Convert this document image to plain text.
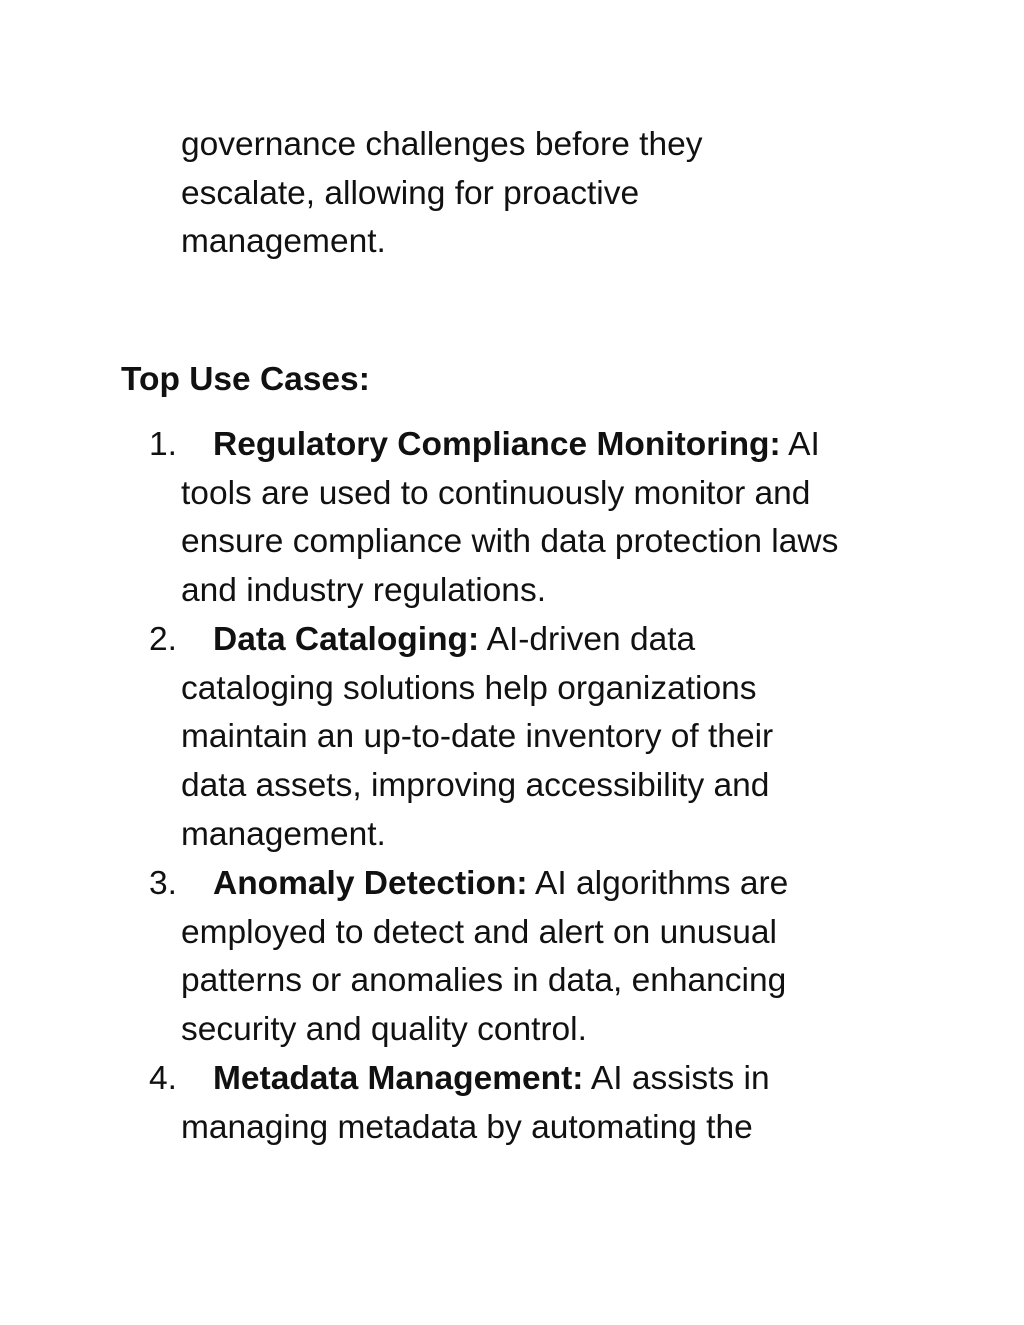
governance challenges before they
escalate, allowing for proactive
management.
Top Use Cases:
1. Regulatory Compliance Monitoring: AI
tools are used to continuously monitor and
ensure compliance with data protection laws
and industry regulations.
2. Data Cataloging: AI-driven data
cataloging solutions help organizations
maintain an up-to-date inventory of their
data assets, improving accessibility and
management.
3. Anomaly Detection: AI algorithms are
employed to detect and alert on unusual
patterns or anomalies in data, enhancing
security and quality control.
4. Metadata Management: AI assists in
managing metadata by automating the
